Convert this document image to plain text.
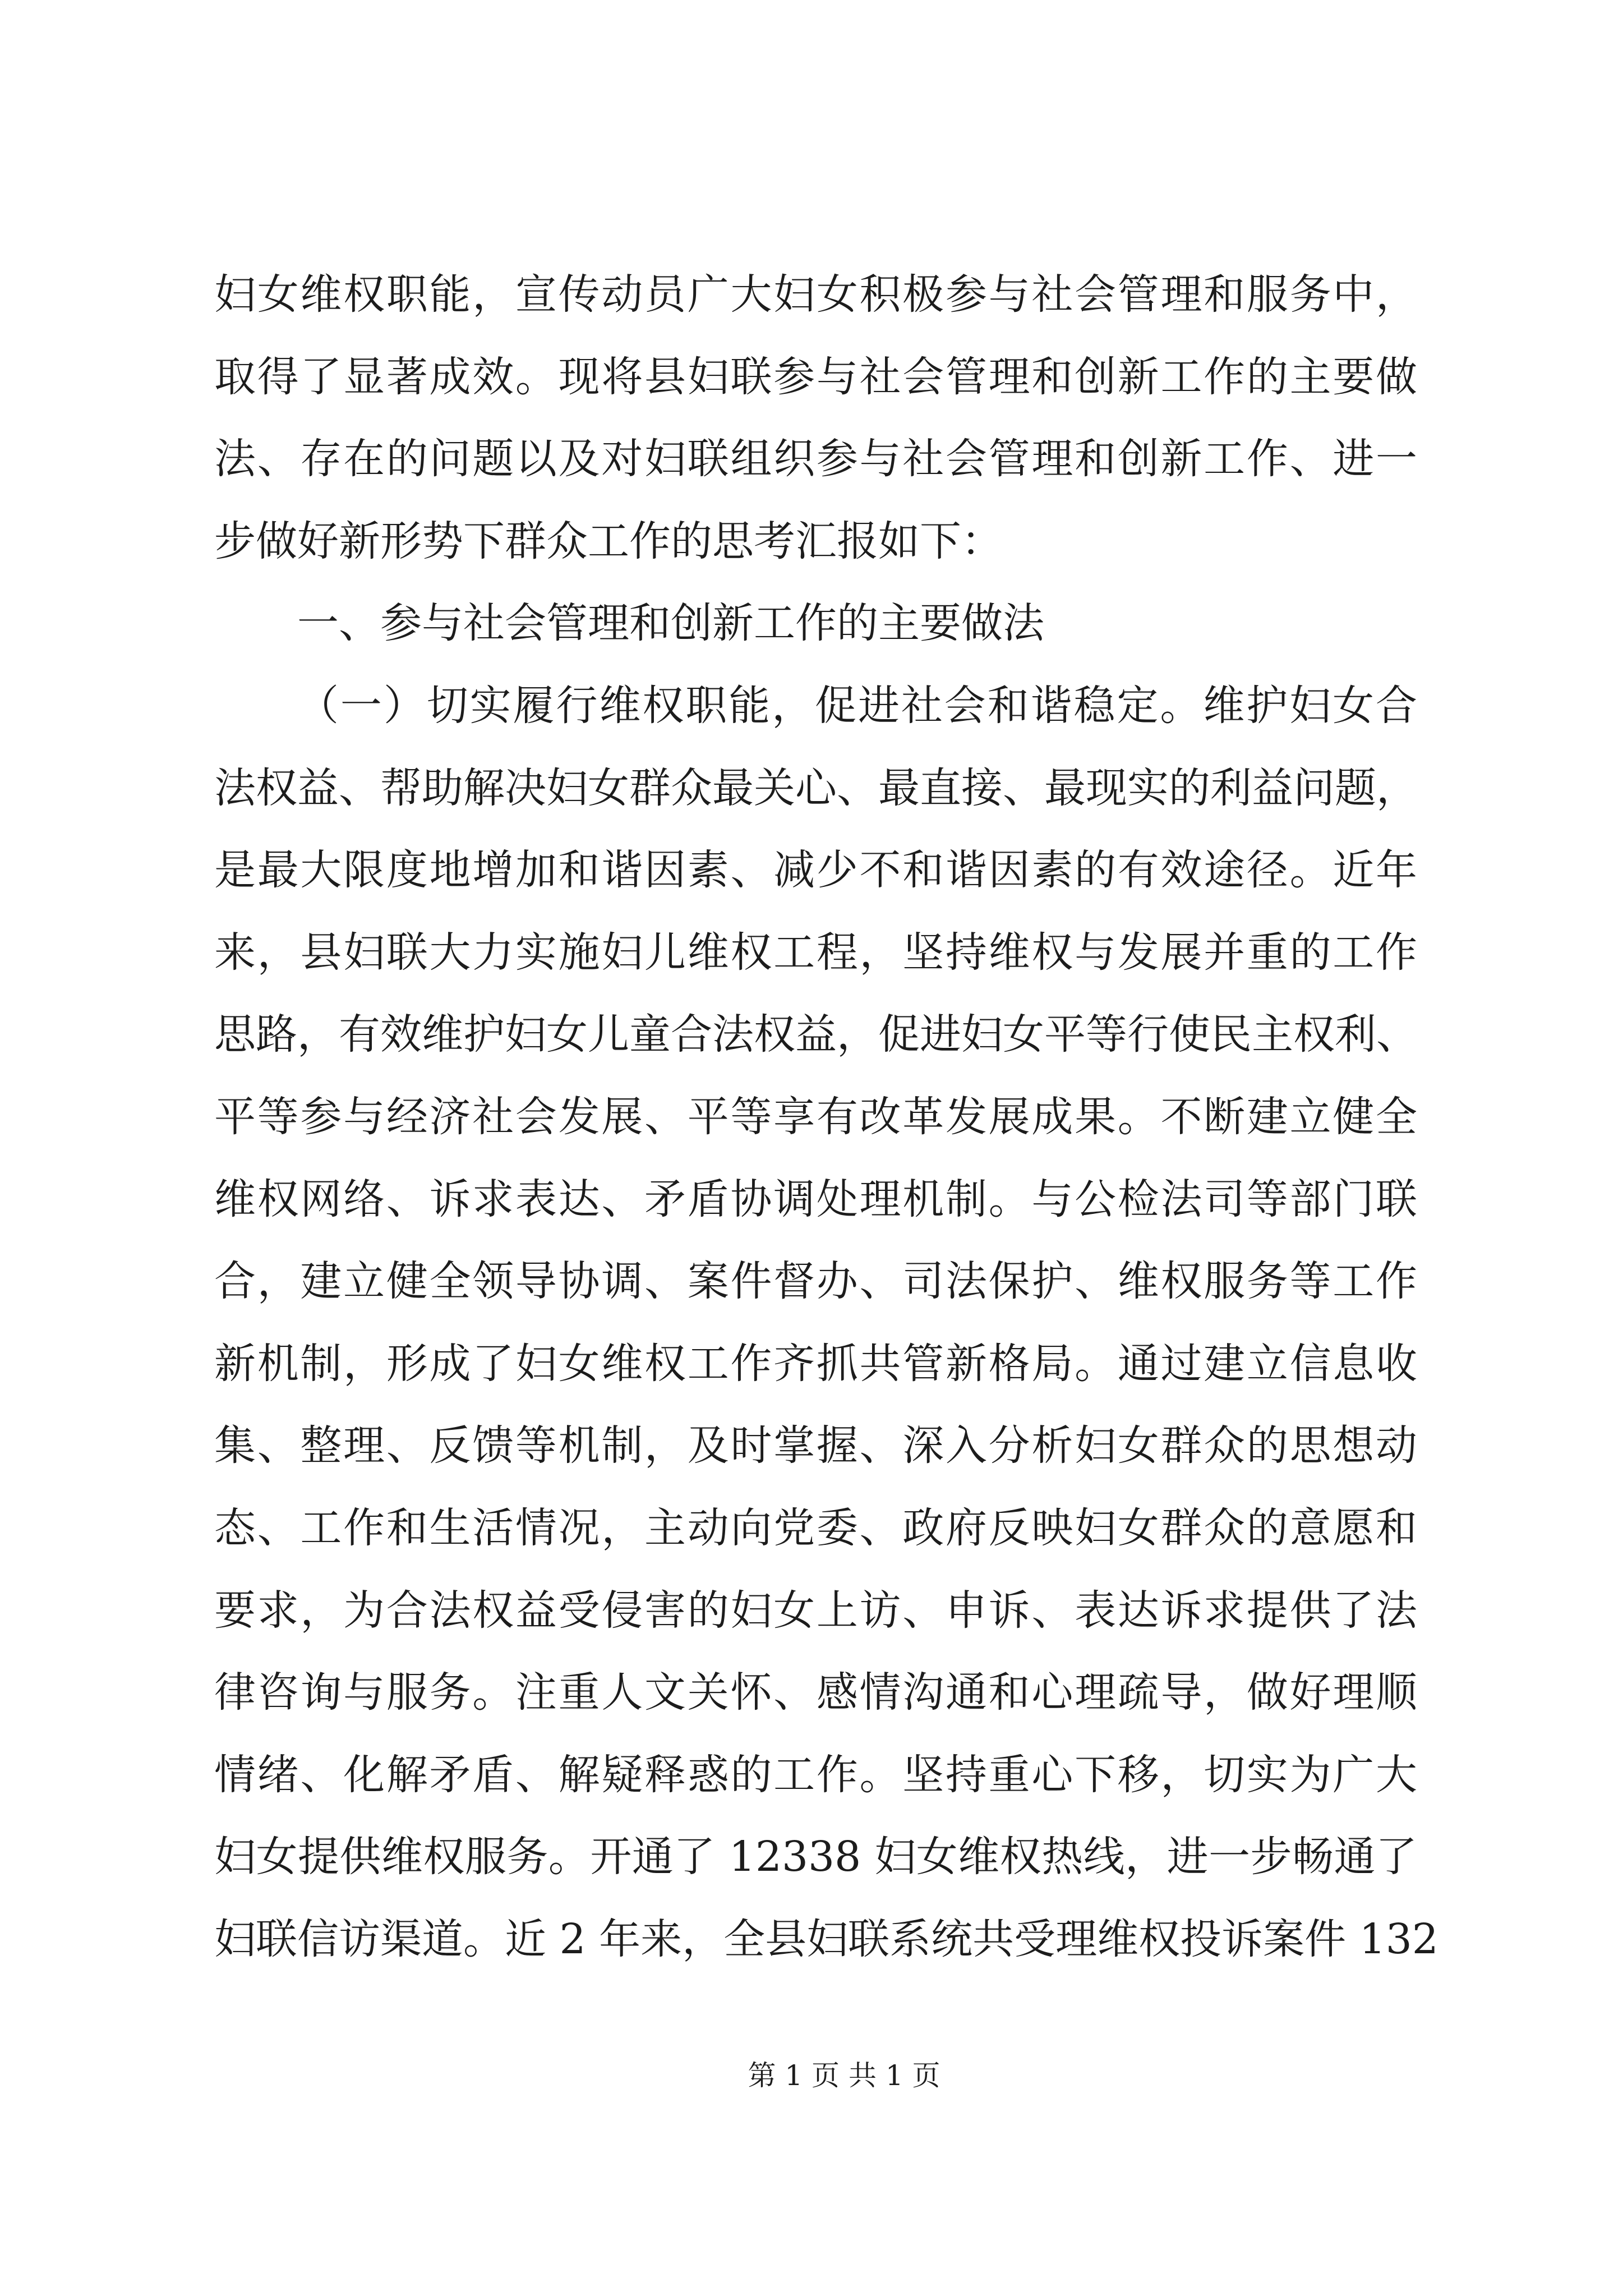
妇女维权职能，宣传动员广大妇女积极参与社会管理和服务中，
取得了显著成效。现将县妇联参与社会管理和创新工作的主要做
法、存在的问题以及对妇联组织参与社会管理和创新工作、进一
步做好新形势下群众工作的思考汇报如下：
一、参与社会管理和创新工作的主要做法
（一）切实履行维权职能，促进社会和谐稳定。维护妇女合
法权益、帮助解决妇女群众最关心、最直接、最现实的利益问题，
是最大限度地增加和谐因素、减少不和谐因素的有效途径。近年
来，县妇联大力实施妇儿维权工程，坚持维权与发展并重的工作
思路，有效维护妇女儿童合法权益，促进妇女平等行使民主权利、
平等参与经济社会发展、平等享有改革发展成果。不断建立健全
维权网络、诉求表达、矛盾协调处理机制。与公检法司等部门联
合，建立健全领导协调、案件督办、司法保护、维权服务等工作
新机制，形成了妇女维权工作齐抓共管新格局。通过建立信息收
集、整理、反馈等机制，及时掌握、深入分析妇女群众的思想动
态、工作和生活情况，主动向党委、政府反映妇女群众的意愿和
要求，为合法权益受侵害的妇女上访、申诉、表达诉求提供了法
律咨询与服务。注重人文关怀、感情沟通和心理疏导，做好理顺
情绪、化解矛盾、解疑释惑的工作。坚持重心下移，切实为广大
妇女提供维权服务。开通了 12338 妇女维权热线，进一步畅通了
妇联信访渠道。近 2 年来，全县妇联系统共受理维权投诉案件 132
第 1 页 共 1 页
